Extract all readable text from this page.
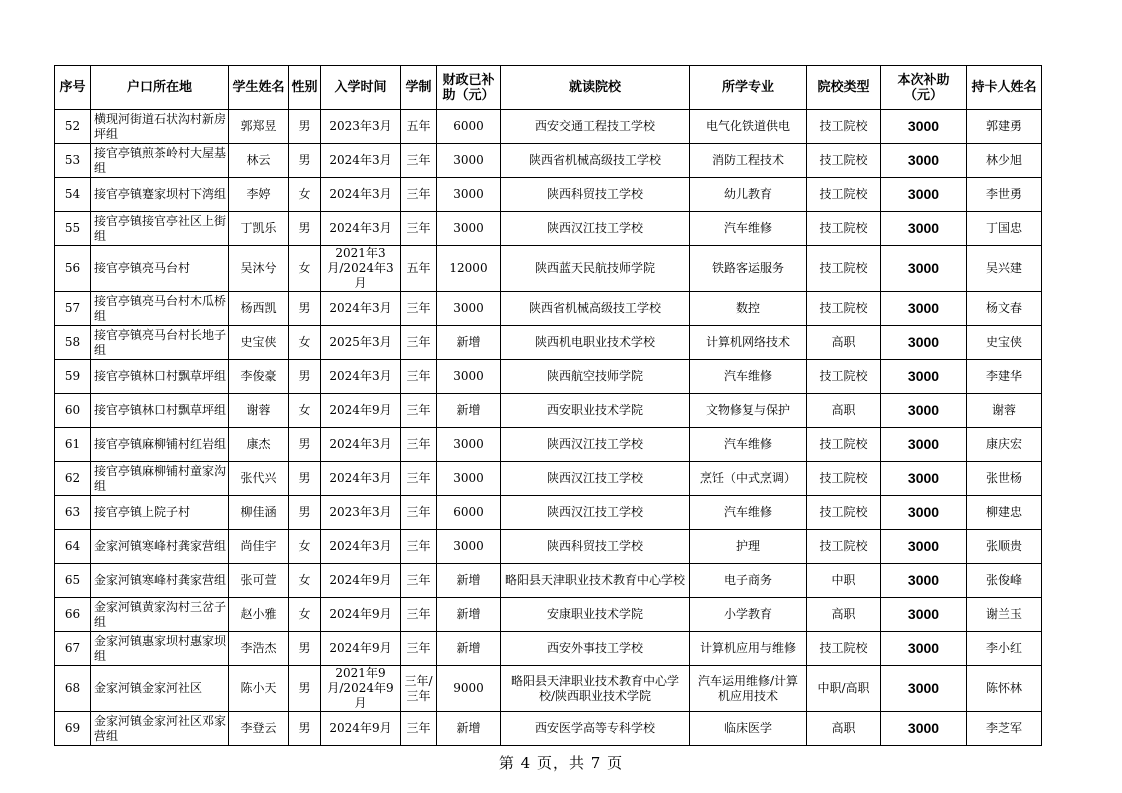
序号	户口所在地	学生姓名	性别	入学时间	学制	财政已补助（元）	就读院校	所学专业	院校类型	本次补助（元）	持卡人姓名
52	横现河街道石状沟村新房坪组	郭郑昱	男	2023年3月	五年	6000	西安交通工程技工学校	电气化铁道供电	技工院校	3000	郭建勇
53	接官亭镇煎茶岭村大屋基组	林云	男	2024年3月	三年	3000	陕西省机械高级技工学校	消防工程技术	技工院校	3000	林少旭
54	接官亭镇蹇家坝村下湾组	李婷	女	2024年3月	三年	3000	陕西科贸技工学校	幼儿教育	技工院校	3000	李世勇
55	接官亭镇接官亭社区上街组	丁凯乐	男	2024年3月	三年	3000	陕西汉江技工学校	汽车维修	技工院校	3000	丁国忠
56	接官亭镇亮马台村	吴沐兮	女	2021年3月/2024年3月	五年	12000	陕西蓝天民航技师学院	铁路客运服务	技工院校	3000	吴兴建
57	接官亭镇亮马台村木瓜桥组	杨西凯	男	2024年3月	三年	3000	陕西省机械高级技工学校	数控	技工院校	3000	杨文春
58	接官亭镇亮马台村长地子组	史宝侠	女	2025年3月	三年	新增	陕西机电职业技术学校	计算机网络技术	高职	3000	史宝侠
59	接官亭镇林口村飘草坪组	李俊豪	男	2024年3月	三年	3000	陕西航空技师学院	汽车维修	技工院校	3000	李建华
60	接官亭镇林口村飘草坪组	谢蓉	女	2024年9月	三年	新增	西安职业技术学院	文物修复与保护	高职	3000	谢蓉
61	接官亭镇麻柳铺村红岩组	康杰	男	2024年3月	三年	3000	陕西汉江技工学校	汽车维修	技工院校	3000	康庆宏
62	接官亭镇麻柳铺村童家沟组	张代兴	男	2024年3月	三年	3000	陕西汉江技工学校	烹饪（中式烹调）	技工院校	3000	张世杨
63	接官亭镇上院子村	柳佳涵	男	2023年3月	三年	6000	陕西汉江技工学校	汽车维修	技工院校	3000	柳建忠
64	金家河镇寒峰村龚家营组	尚佳宇	女	2024年3月	三年	3000	陕西科贸技工学校	护理	技工院校	3000	张顺贵
65	金家河镇寒峰村龚家营组	张可萱	女	2024年9月	三年	新增	略阳县天津职业技术教育中心学校	电子商务	中职	3000	张俊峰
66	金家河镇黄家沟村三岔子组	赵小雅	女	2024年9月	三年	新增	安康职业技术学院	小学教育	高职	3000	谢兰玉
67	金家河镇惠家坝村惠家坝组	李浩杰	男	2024年9月	三年	新增	西安外事技工学校	计算机应用与维修	技工院校	3000	李小红
68	金家河镇金家河社区	陈小天	男	2021年9月/2024年9月	三年/三年	9000	略阳县天津职业技术教育中心学校/陕西职业技术学院	汽车运用维修/计算机应用技术	中职/高职	3000	陈怀林
69	金家河镇金家河社区邓家营组	李登云	男	2024年9月	三年	新增	西安医学高等专科学校	临床医学	高职	3000	李芝军
第 4 页，共 7 页
